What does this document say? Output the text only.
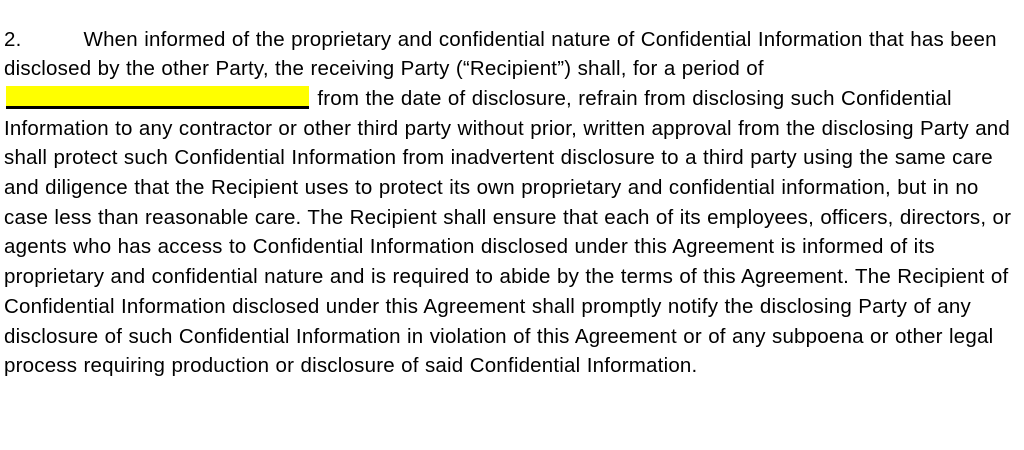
2.	When informed of the proprietary and confidential nature of Confidential Information that has been disclosed by the other Party, the receiving Party (“Recipient”) shall, for a period of  from the date of disclosure, refrain from disclosing such Confidential Information to any contractor or other third party without prior, written approval from the disclosing Party and shall protect such Confidential Information from inadvertent disclosure to a third party using the same care and diligence that the Recipient uses to protect its own proprietary and confidential information, but in no case less than reasonable care. The Recipient shall ensure that each of its employees, officers, directors, or agents who has access to Confidential Information disclosed under this Agreement is informed of its proprietary and confidential nature and is required to abide by the terms of this Agreement. The Recipient of Confidential Information disclosed under this Agreement shall promptly notify the disclosing Party of any disclosure of such Confidential Information in violation of this Agreement or of any subpoena or other legal process requiring production or disclosure of said Confidential Information.
